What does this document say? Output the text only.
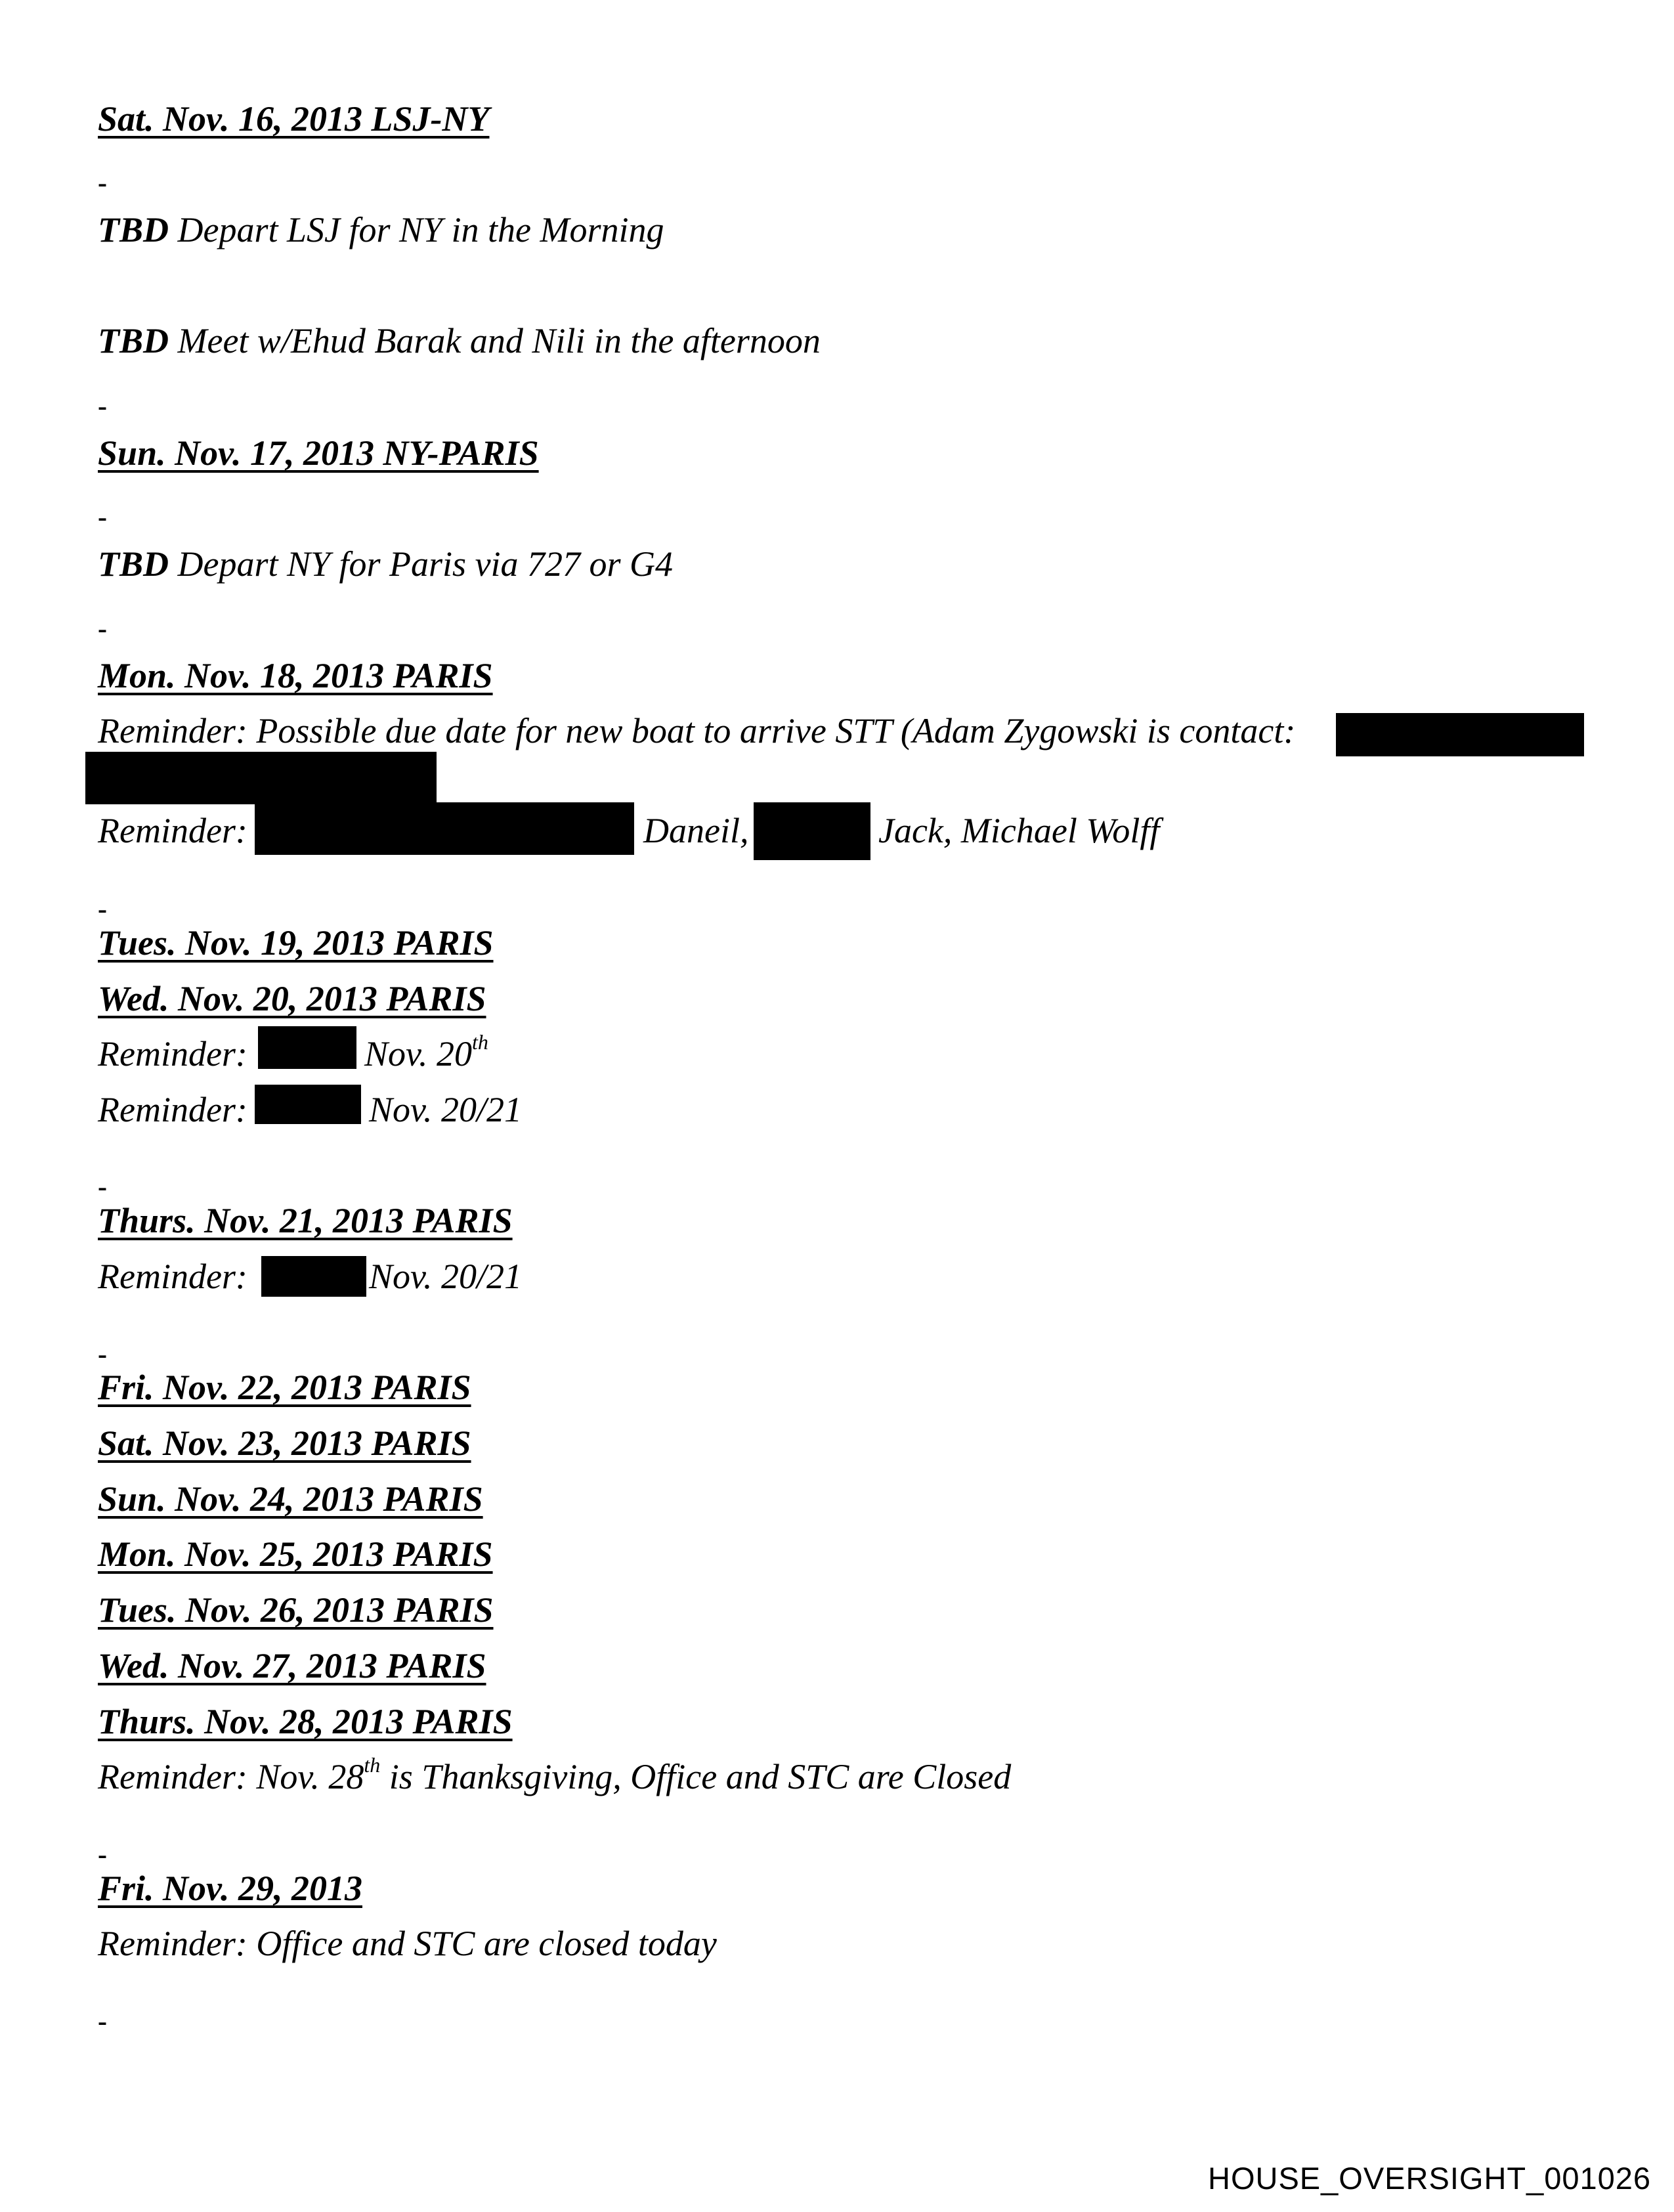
Sat. Nov. 16, 2013 LSJ-NY
-
TBD Depart LSJ for NY in the Morning
TBD Meet w/Ehud Barak and Nili in the afternoon
-
Sun. Nov. 17, 2013 NY-PARIS
-
TBD Depart NY for Paris via 727 or G4
-
Mon. Nov. 18, 2013 PARIS
Reminder: Possible due date for new boat to arrive STT (Adam Zygowski is contact:
Reminder:	Daneil,	Jack, Michael Wolff
-
Tues. Nov. 19, 2013 PARIS
Wed. Nov. 20, 2013 PARIS
Reminder:	Nov. 20th
Reminder:	Nov. 20/21
-
Thurs. Nov. 21, 2013 PARIS
Reminder:	Nov. 20/21
-
Fri. Nov. 22, 2013 PARIS
Sat. Nov. 23, 2013 PARIS
Sun. Nov. 24, 2013 PARIS
Mon. Nov. 25, 2013 PARIS
Tues. Nov. 26, 2013 PARIS
Wed. Nov. 27, 2013 PARIS
Thurs. Nov. 28, 2013 PARIS
Reminder: Nov. 28th is Thanksgiving, Office and STC are Closed
-
Fri. Nov. 29, 2013
Reminder: Office and STC are closed today
-
HOUSE_OVERSIGHT_001026
